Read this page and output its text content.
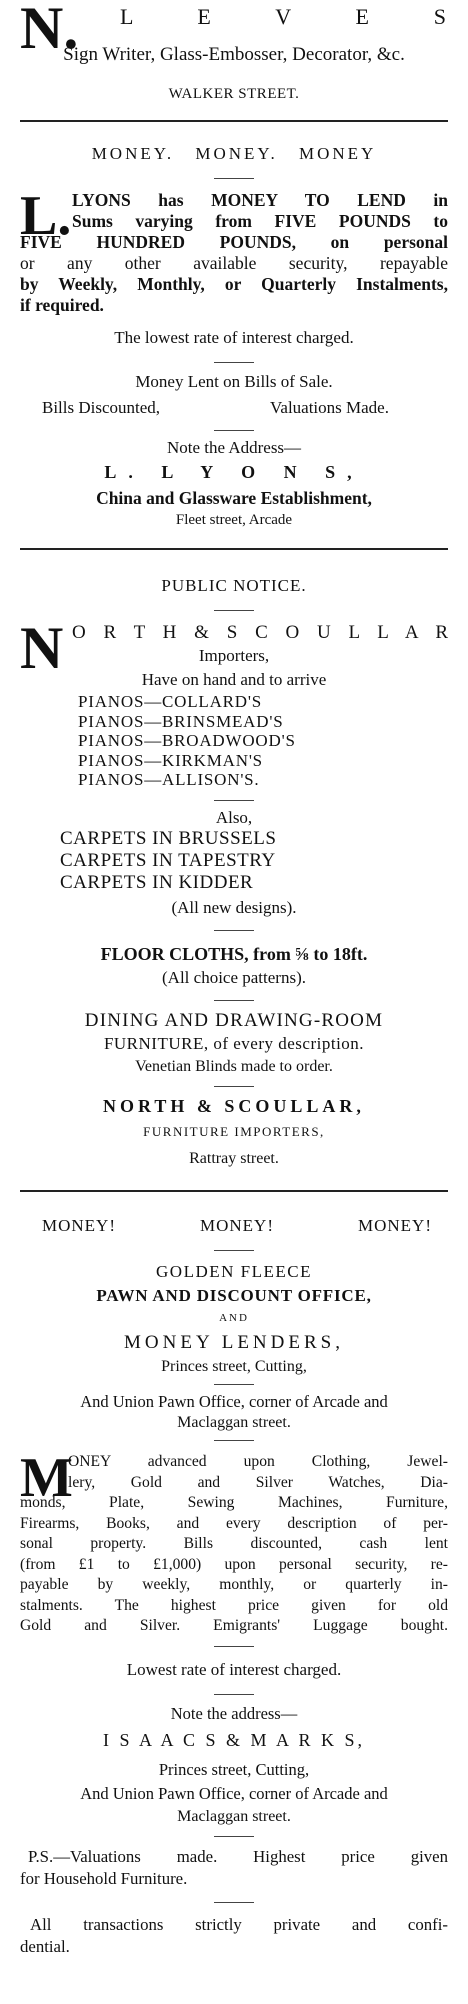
N. L E V E S
Sign Writer, Glass-Embosser, Decorator, &c.
WALKER STREET.
MONEY. MONEY. MONEY
L. LYONS has MONEY TO LEND in
Sums varying from FIVE POUNDS to
FIVE HUNDRED POUNDS, on personal
or any other available security, repayable
by Weekly, Monthly, or Quarterly Instalments,
if required.
The lowest rate of interest charged.
Money Lent on Bills of Sale.
Bills Discounted,	Valuations Made.
Note the Address—
L. L Y O N S,
China and Glassware Establishment,
Fleet street, Arcade
PUBLIC NOTICE.
N O R T H & S C O U L L A R
Importers,
Have on hand and to arrive
PIANOS—COLLARD'S
PIANOS—BRINSMEAD'S
PIANOS—BROADWOOD'S
PIANOS—KIRKMAN'S
PIANOS—ALLISON'S.
Also,
CARPETS IN BRUSSELS
CARPETS IN TAPESTRY
CARPETS IN KIDDER
(All new designs).
FLOOR CLOTHS, from ⅝ to 18ft.
(All choice patterns).
DINING AND DRAWING-ROOM
FURNITURE, of every description.
Venetian Blinds made to order.
NORTH & SCOULLAR,
FURNITURE IMPORTERS,
Rattray street.
MONEY!	MONEY!	MONEY!
GOLDEN FLEECE
PAWN AND DISCOUNT OFFICE,
AND
MONEY LENDERS,
Princes street, Cutting,
And Union Pawn Office, corner of Arcade and
Maclaggan street.
M
ONEY advanced upon Clothing, Jewel-
lery, Gold and Silver Watches, Dia-
monds, Plate, Sewing Machines, Furniture,
Firearms, Books, and every description of per-
sonal property. Bills discounted, cash lent
(from £1 to £1,000) upon personal security, re-
payable by weekly, monthly, or quarterly in-
stalments. The highest price given for old
Gold and Silver. Emigrants' Luggage bought.
Lowest rate of interest charged.
Note the address—
I S A A C S & M A R K S,
Princes street, Cutting,
And Union Pawn Office, corner of Arcade and
Maclaggan street.
P.S.—Valuations made. Highest price given
for Household Furniture.
All transactions strictly private and confi-
dential.
